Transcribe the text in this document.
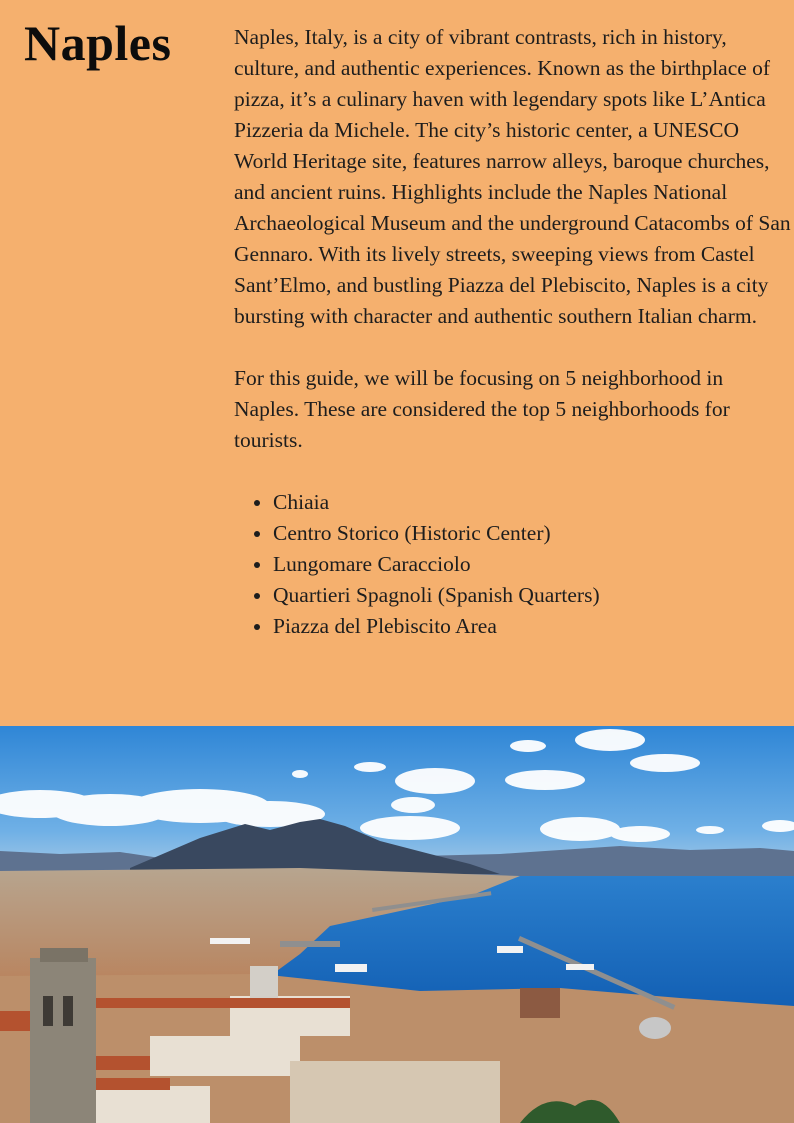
Naples	Naples, Italy, is a city of vibrant contrasts, rich in history, culture, and authentic experiences. Known as the birthplace of pizza, it’s a culinary haven with legendary spots like L’Antica Pizzeria da Michele. The city’s historic center, a UNESCO World Heritage site, features narrow alleys, baroque churches, and ancient ruins. Highlights include the Naples National Archaeological Museum and the underground Catacombs of San Gennaro. With its lively streets, sweeping views from Castel Sant’Elmo, and bustling Piazza del Plebiscito, Naples is a city bursting with character and authentic southern Italian charm.

For this guide, we will be focusing on 5 neighborhood in Naples. These are considered the top 5 neighborhoods for tourists.

• Chiaia
• Centro Storico (Historic Center)
• Lungomare Caracciolo
• Quartieri Spagnoli (Spanish Quarters)
• Piazza del Plebiscito Area
